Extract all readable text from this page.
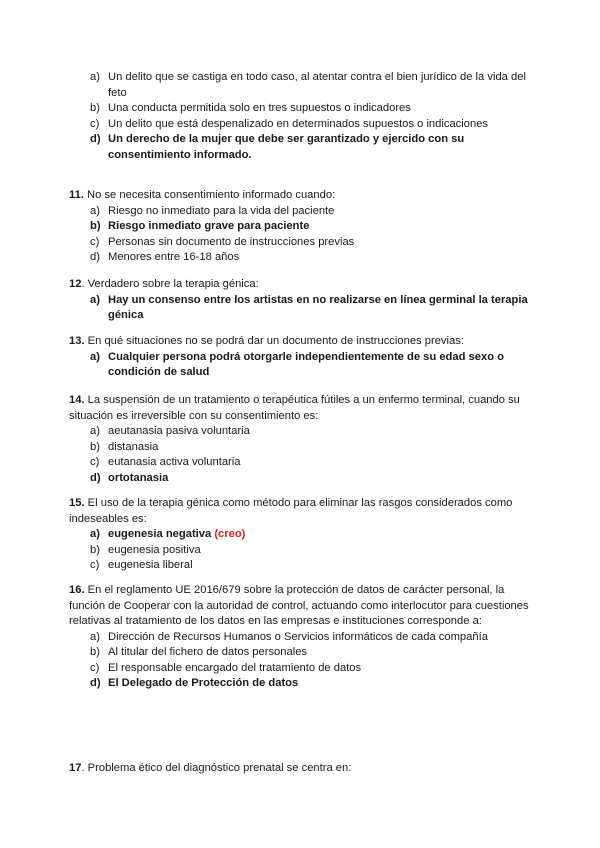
a) Un delito que se castiga en todo caso, al atentar contra el bien jurídico de la vida del feto
b) Una conducta permitida solo en tres supuestos o indicadores
c) Un delito que está despenalizado en determinados supuestos o indicaciones
d) Un derecho de la mujer que debe ser garantizado y ejercido con su consentimiento informado.

11. No se necesita consentimiento informado cuando:

a) Riesgo no inmediato para la vida del paciente
b) Riesgo inmediato grave para paciente
c) Personas sin documento de instrucciones previas
d) Menores entre 16-18 años

12. Verdadero sobre la terapia génica:

a) Hay un consenso entre los artistas en no realizarse en línea germinal la terapia génica

13. En qué situaciones no se podrá dar un documento de instrucciones previas:

a) Cualquier persona podrá otorgarle independientemente de su edad sexo o condición de salud

14. La suspensión de un tratamiento o terapéutica fútiles a un enfermo terminal, cuando su situación es irreversible con su consentimiento es:

a) aeutanasia pasiva voluntaria
b) distanasia
c) eutanasia activa voluntaria
d) ortotanasia

15. El uso de la terapia génica como método para eliminar las rasgos considerados como indeseables es:

a) eugenesia negativa (creo)
b) eugenesia positiva
c) eugenesia liberal

16. En el reglamento UE 2016/679 sobre la protección de datos de carácter personal, la función de Cooperar con la autoridad de control, actuando como interlocutor para cuestiones relativas al tratamiento de los datos en las empresas e instituciones corresponde a:

a) Dirección de Recursos Humanos o Servicios informáticos de cada compañía
b) Al titular del fichero de datos personales
c) El responsable encargado del tratamiento de datos
d) El Delegado de Protección de datos

17. Problema ético del diagnóstico prenatal se centra en:
